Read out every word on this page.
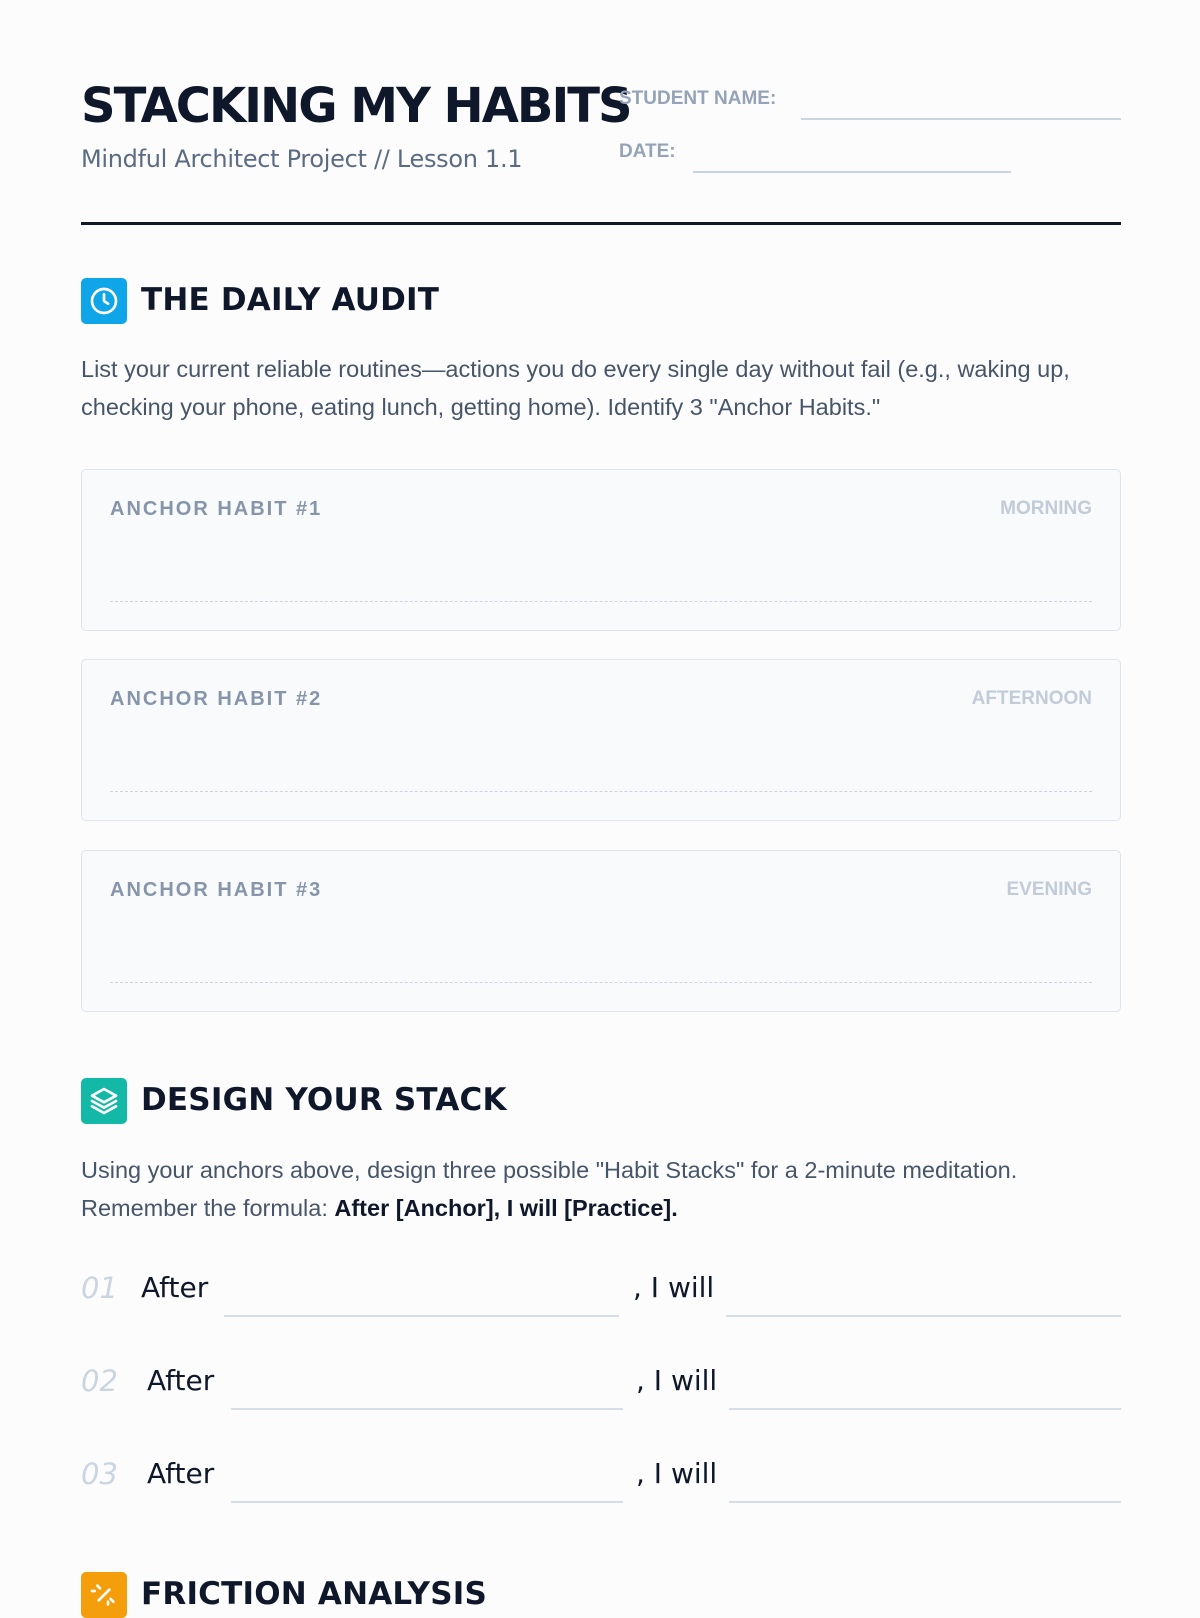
STACKING MY HABITS
Mindful Architect Project // Lesson 1.1
STUDENT NAME:
DATE:
THE DAILY AUDIT
List your current reliable routines—actions you do every single day without fail (e.g., waking up, checking your phone, eating lunch, getting home). Identify 3 "Anchor Habits."
ANCHOR HABIT #1	MORNING
ANCHOR HABIT #2	AFTERNOON
ANCHOR HABIT #3	EVENING
DESIGN YOUR STACK
Using your anchors above, design three possible "Habit Stacks" for a 2-minute meditation. Remember the formula: After [Anchor], I will [Practice].
01 After	, I will
02 After	, I will
03 After	, I will
FRICTION ANALYSIS
